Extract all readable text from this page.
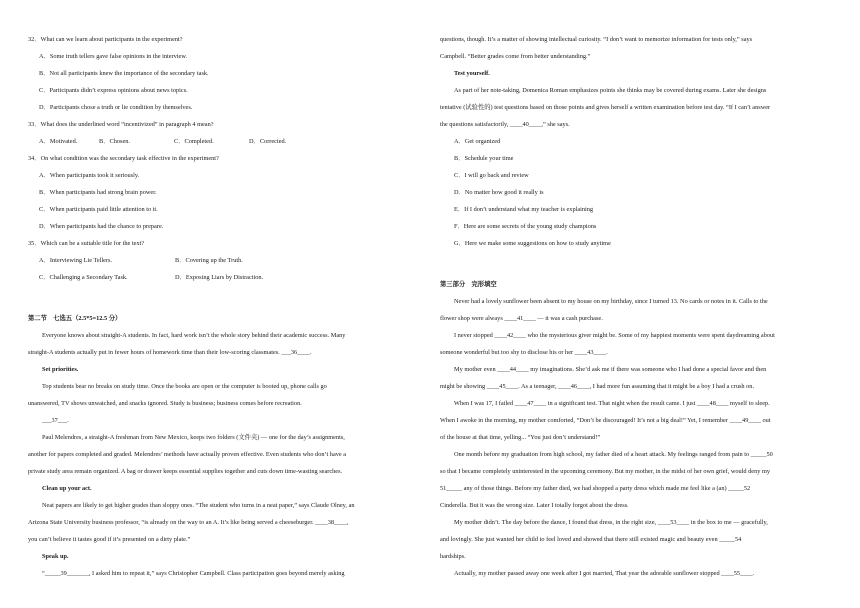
32．What can we learn about participants in the experiment?
A．Some truth tellers gave false opinions in the interview.
B．Not all participants knew the importance of the secondary task.
C．Participants didn’t express opinions about news topics.
D．Participants chose a truth or lie condition by themselves.
33．What does the underlined word “incentivized” in paragraph 4 mean?
A．Motivated.	B．Chosen.	C．Completed.	D．Corrected.
34．On what condition was the secondary task effective in the experiment?
A．When participants took it seriously.
B．When participants had strong brain power.
C．When participants paid little attention to it.
D．When participants had the chance to prepare.
35．Which can be a suitable title for the text?
A．Interviewing Lie Tellers.	B．Covering up the Truth.
C．Challenging a Secondary Task.	D．Exposing Liars by Distraction.
第二节　七选五（2.5*5=12.5 分）
Everyone knows about straight-A students. In fact, hard work isn’t the whole story behind their academic success. Many
straight-A students actually put in fewer hours of homework time than their low-scoring classmates. ___36____.
Set priorities.
Top students bear no breaks on study time. Once the books are open or the computer is booted up, phone calls go
unanswered, TV shows unwatched, and snacks ignored. Study is business; business comes before recreation.
___37___.
Paul Melendres, a straight-A freshman from New Mexico, keeps two folders (文件夹) — one for the day’s assignments,
another for papers completed and graded. Melendres’ methods have actually proven effective. Even students who don’t have a
private study area remain organized. A bag or drawer keeps essential supplies together and cuts down time-wasting searches.
Clean up your act.
Neat papers are likely to get higher grades than sloppy ones. “The student who turns in a neat paper,” says Claude Olney, an
Arizona State University business professor, “is already on the way to an A. It’s like being served a cheeseburger. ____38____,
you can’t believe it tastes good if it’s presented on a dirty plate.”
Speak up.
“_____39_______, I asked him to repeat it,” says Christopher Campbell. Class participation goes beyond merely asking
questions, though. It’s a matter of showing intellectual curiosity. “I don’t want to memorize information for tests only,” says
Campbell. “Better grades come from better understanding.”
Test yourself.
As part of her note-taking, Domenica Roman emphasizes points she thinks may be covered during exams. Later she designs
tentative (试验性的) test questions based on those points and gives herself a written examination before test day. “If I can’t answer
the questions satisfactorily, ____40____,” she says.
A．Get organized
B．Schedule your time
C．I will go back and review
D．No matter how good it really is
E．If I don’t understand what my teacher is explaining
F．Here are some secrets of the young study champions
G．Here we make some suggestions on how to study anytime
第三部分　完形填空
Never had a lovely sunflower been absent to my house on my birthday, since I turned 13. No cards or notes in it. Calls to the
flower shop were always ____41____ — it was a cash purchase.
I never stopped ____42____ who the mysterious giver might be. Some of my happiest moments were spent daydreaming about
someone wonderful but too shy to disclose his or her ____43____.
My mother even ____44____ my imaginations. She’d ask me if there was someone who I had done a special favor and then
might be showing ____45____. As a teenager, ____46____, I had more fun assuming that it might be a boy I had a crush on.
When I was 17, I failed ____47____ in a significant test. That night when the result came. I just ____48____ myself to sleep.
When I awoke in the morning, my mother comforted, “Don’t be discouraged! It’s not a big deal!” Yet, I remember ____49____ out
of the house at that time, yelling... “You just don’t understand!”
One month before my graduation from high school, my father died of a heart attack. My feelings ranged from pain to _____50
so that I became completely uninterested in the upcoming ceremony. But my mother, in the midst of her own grief, would deny my
51_____ any of those things. Before my father died, we had shopped a party dress which made me feel like a (an) _____52
Cinderella. But it was the wrong size. Later I totally forgot about the dress.
My mother didn’t. The day before the dance, I found that dress, in the right size, ____53____ in the box to me — gracefully,
and lovingly. She just wanted her child to feel loved and showed that there still existed magic and beauty even _____54
hardships.
Actually, my mother passed away one week after I got married, That year the adorable sunflower stopped ____55____.
